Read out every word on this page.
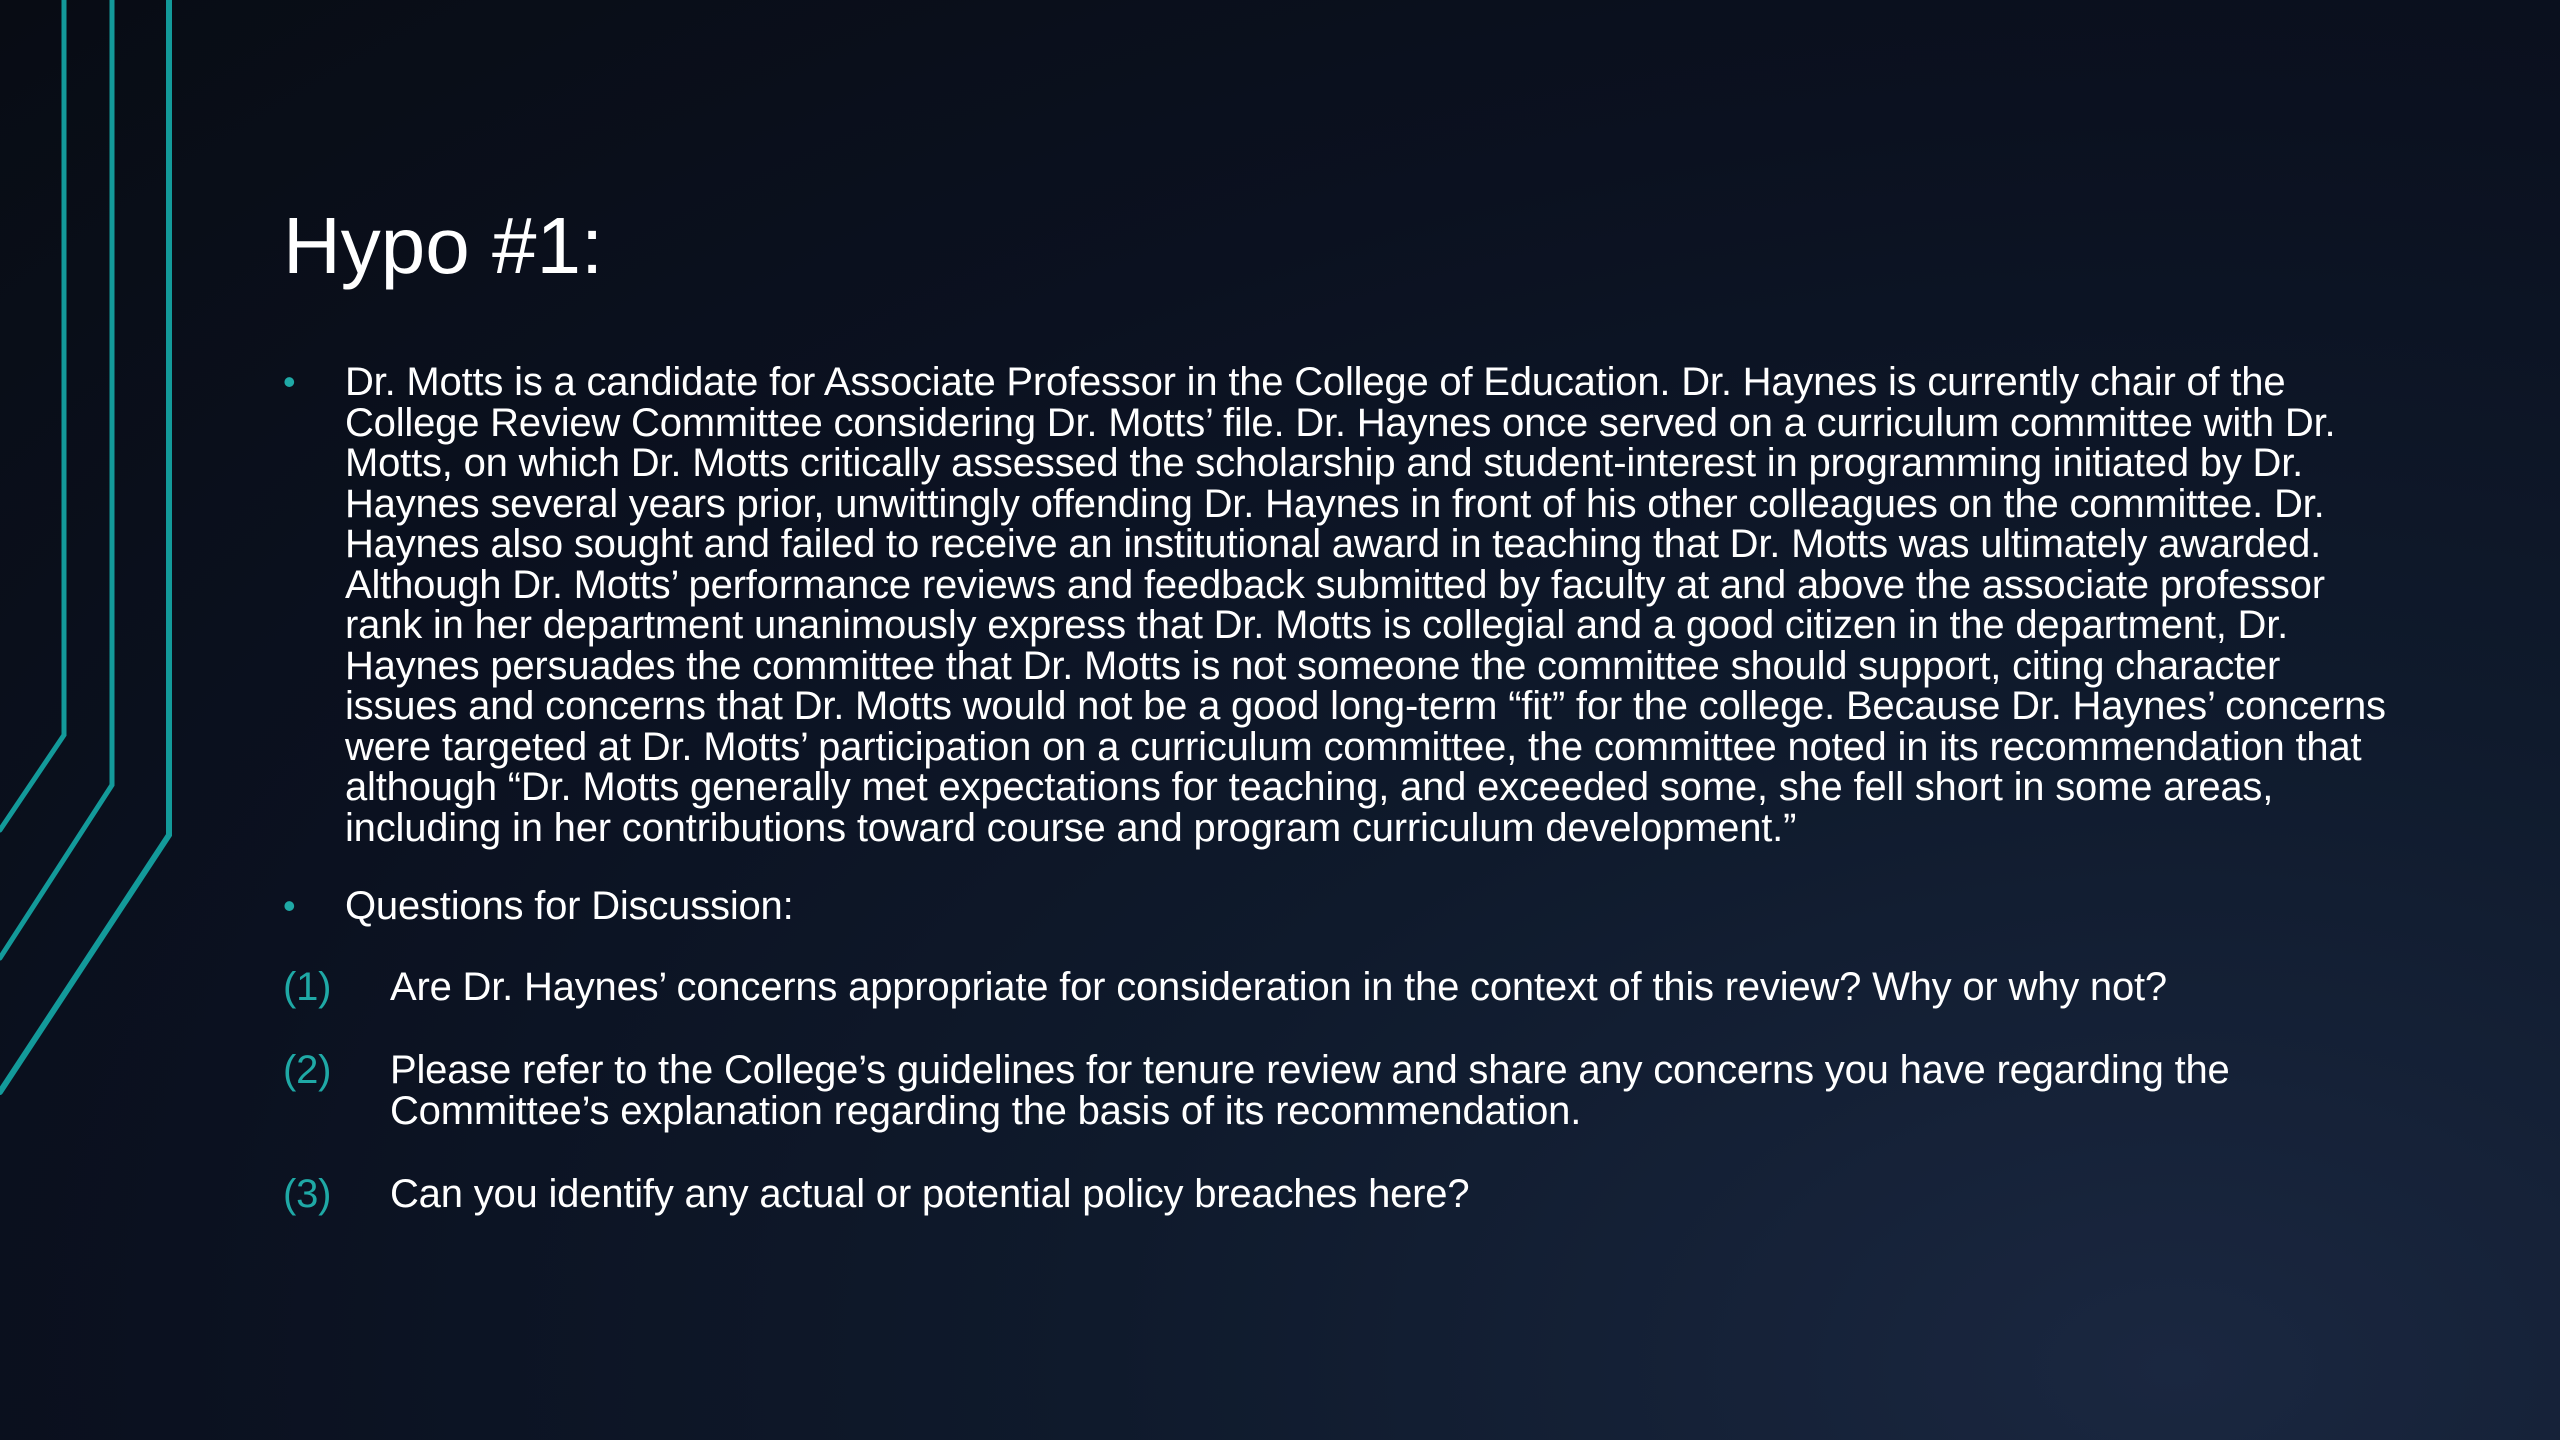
Hypo #1:
• Dr. Motts is a candidate for Associate Professor in the College of Education. Dr. Haynes is currently chair of the College Review Committee considering Dr. Motts’ file. Dr. Haynes once served on a curriculum committee with Dr. Motts, on which Dr. Motts critically assessed the scholarship and student-interest in programming initiated by Dr. Haynes several years prior, unwittingly offending Dr. Haynes in front of his other colleagues on the committee. Dr. Haynes also sought and failed to receive an institutional award in teaching that Dr. Motts was ultimately awarded. Although Dr. Motts’ performance reviews and feedback submitted by faculty at and above the associate professor rank in her department unanimously express that Dr. Motts is collegial and a good citizen in the department, Dr. Haynes persuades the committee that Dr. Motts is not someone the committee should support, citing character issues and concerns that Dr. Motts would not be a good long-term “fit” for the college. Because Dr. Haynes’ concerns were targeted at Dr. Motts’ participation on a curriculum committee, the committee noted in its recommendation that although “Dr. Motts generally met expectations for teaching, and exceeded some, she fell short in some areas, including in her contributions toward course and program curriculum development.”
• Questions for Discussion:
(1) Are Dr. Haynes’ concerns appropriate for consideration in the context of this review? Why or why not?
(2) Please refer to the College’s guidelines for tenure review and share any concerns you have regarding the Committee’s explanation regarding the basis of its recommendation.
(3) Can you identify any actual or potential policy breaches here?
